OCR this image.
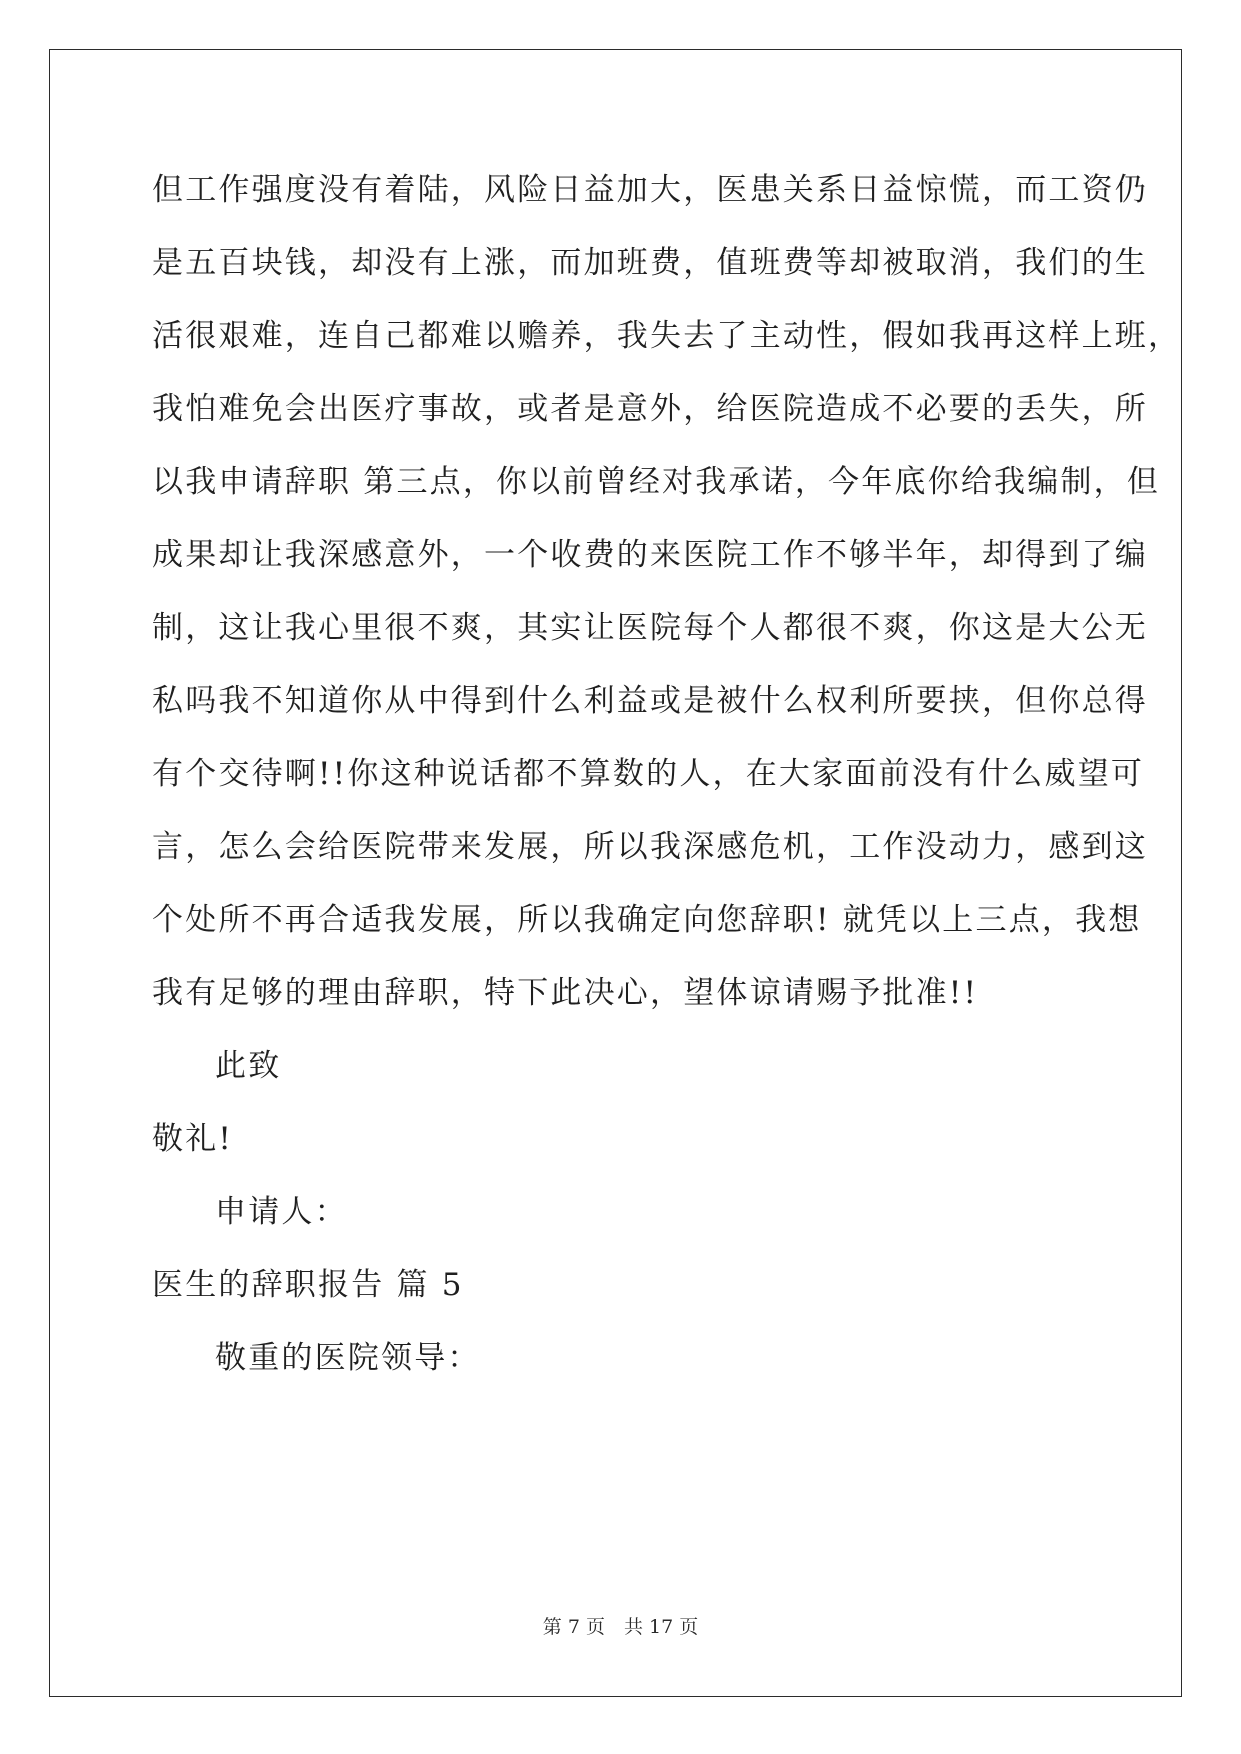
但工作强度没有着陆，风险日益加大，医患关系日益惊慌，而工资仍
是五百块钱，却没有上涨，而加班费，值班费等却被取消，我们的生
活很艰难，连自己都难以赡养，我失去了主动性，假如我再这样上班，
我怕难免会出医疗事故，或者是意外，给医院造成不必要的丢失，所
以我申请辞职 第三点，你以前曾经对我承诺，今年底你给我编制，但
成果却让我深感意外，一个收费的来医院工作不够半年，却得到了编
制，这让我心里很不爽，其实让医院每个人都很不爽，你这是大公无
私吗我不知道你从中得到什么利益或是被什么权利所要挟，但你总得
有个交待啊!!你这种说话都不算数的人，在大家面前没有什么威望可
言，怎么会给医院带来发展，所以我深感危机，工作没动力，感到这
个处所不再合适我发展，所以我确定向您辞职! 就凭以上三点，我想
我有足够的理由辞职，特下此决心，望体谅请赐予批准!!
此致
敬礼!
申请人：
医生的辞职报告 篇 5
敬重的医院领导：
第 7 页　共 17 页
